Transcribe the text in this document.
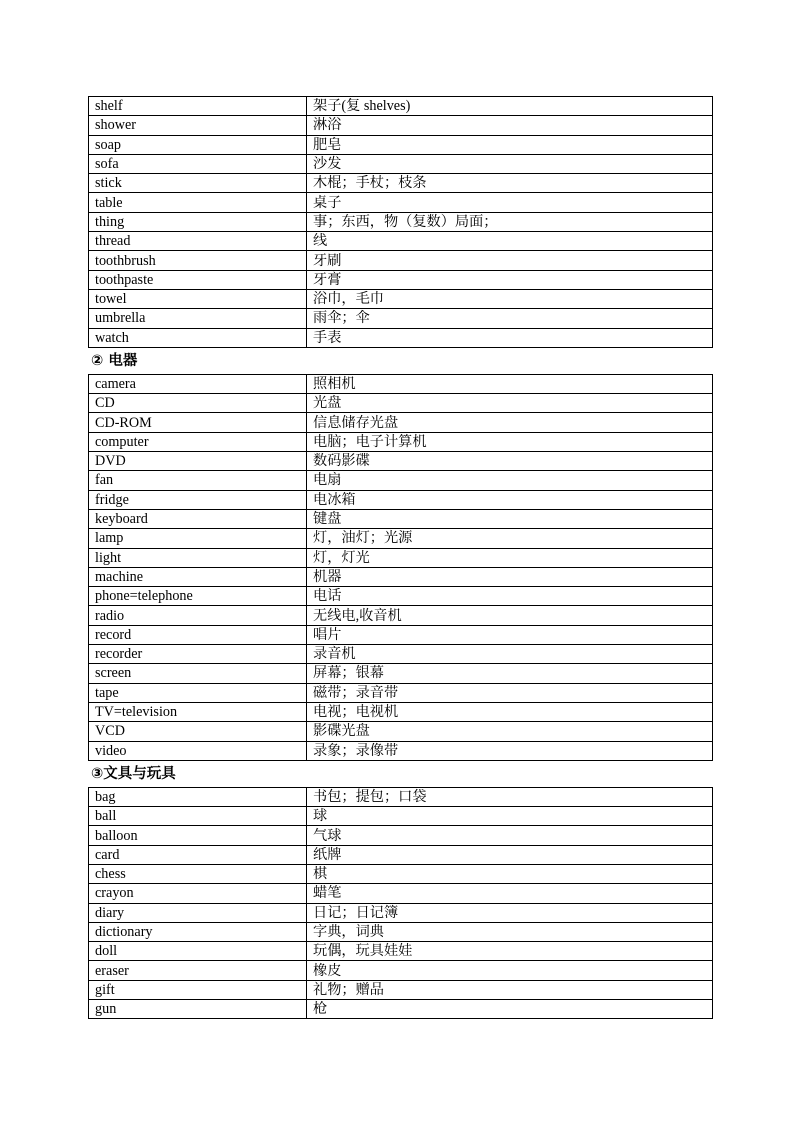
shelf	架子(复 shelves)
shower	淋浴
soap	肥皂
sofa	沙发
stick	木棍；手杖；枝条
table	桌子
thing	事；东西，物（复数）局面；
thread	线
toothbrush	牙刷
toothpaste	牙膏
towel	浴巾，毛巾
umbrella	雨伞；伞
watch	手表
② 电器
camera	照相机
CD	光盘
CD-ROM	信息储存光盘
computer	电脑；电子计算机
DVD	数码影碟
fan	电扇
fridge	电冰箱
keyboard	键盘
lamp	灯，油灯；光源
light	灯，灯光
machine	机器
phone=telephone	电话
radio	无线电,收音机
record	唱片
recorder	录音机
screen	屏幕；银幕
tape	磁带；录音带
TV=television	电视；电视机
VCD	影碟光盘
video	录象；录像带
③文具与玩具
bag	书包；提包；口袋
ball	球
balloon	气球
card	纸牌
chess	棋
crayon	蜡笔
diary	日记；日记簿
dictionary	字典，词典
doll	玩偶，玩具娃娃
eraser	橡皮
gift	礼物；赠品
gun	枪
